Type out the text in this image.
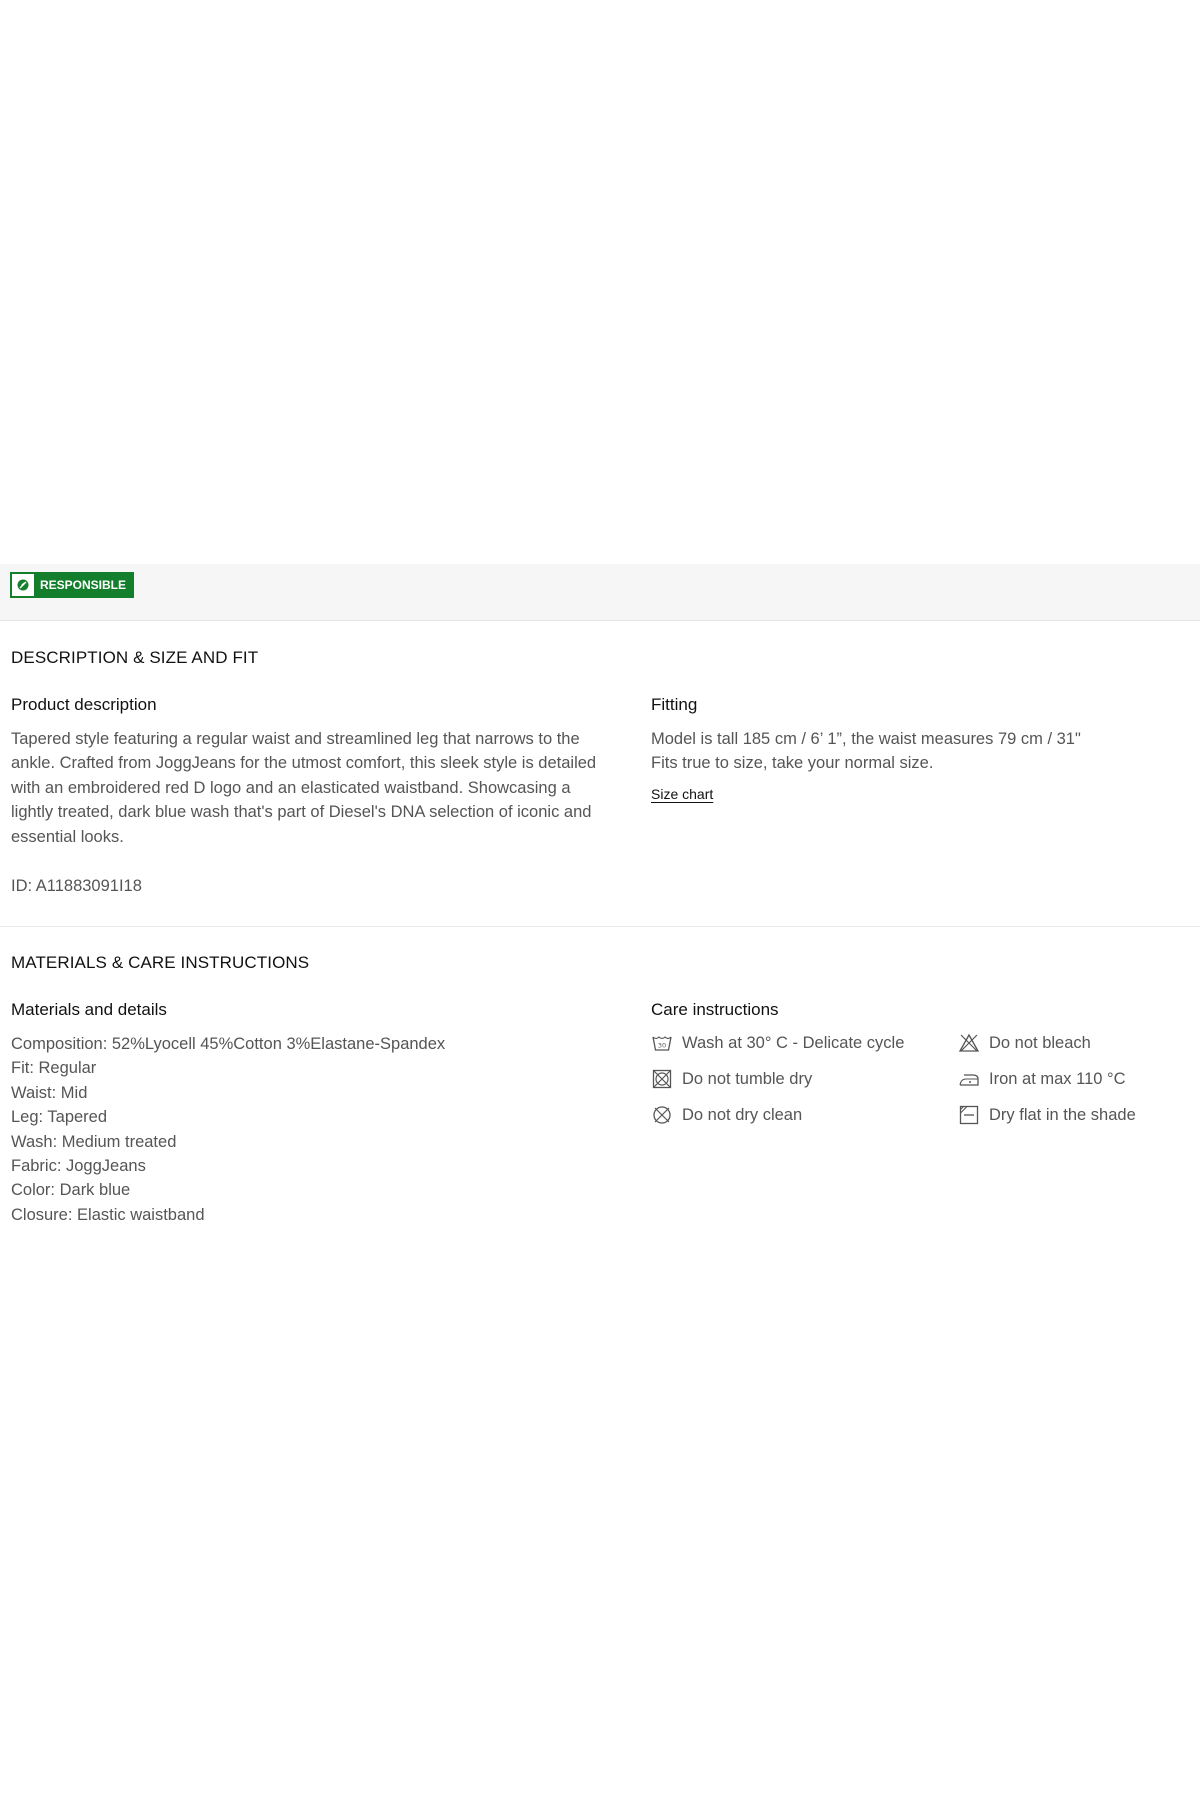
RESPONSIBLE
DESCRIPTION & SIZE AND FIT
Product description
Tapered style featuring a regular waist and streamlined leg that narrows to the ankle. Crafted from JoggJeans for the utmost comfort, this sleek style is detailed with an embroidered red D logo and an elasticated waistband. Showcasing a lightly treated, dark blue wash that's part of Diesel's DNA selection of iconic and essential looks.
ID: A11883091I18
Fitting
Model is tall 185 cm / 6’ 1”, the waist measures 79 cm / 31"
Fits true to size, take your normal size.
Size chart
MATERIALS & CARE INSTRUCTIONS
Materials and details
Composition: 52%Lyocell 45%Cotton 3%Elastane-Spandex
Fit: Regular
Waist: Mid
Leg: Tapered
Wash: Medium treated
Fabric: JoggJeans
Color: Dark blue
Closure: Elastic waistband
Care instructions
30 Wash at 30° C - Delicate cycle	Do not bleach
Do not tumble dry	Iron at max 110 °C
Do not dry clean	Dry flat in the shade
